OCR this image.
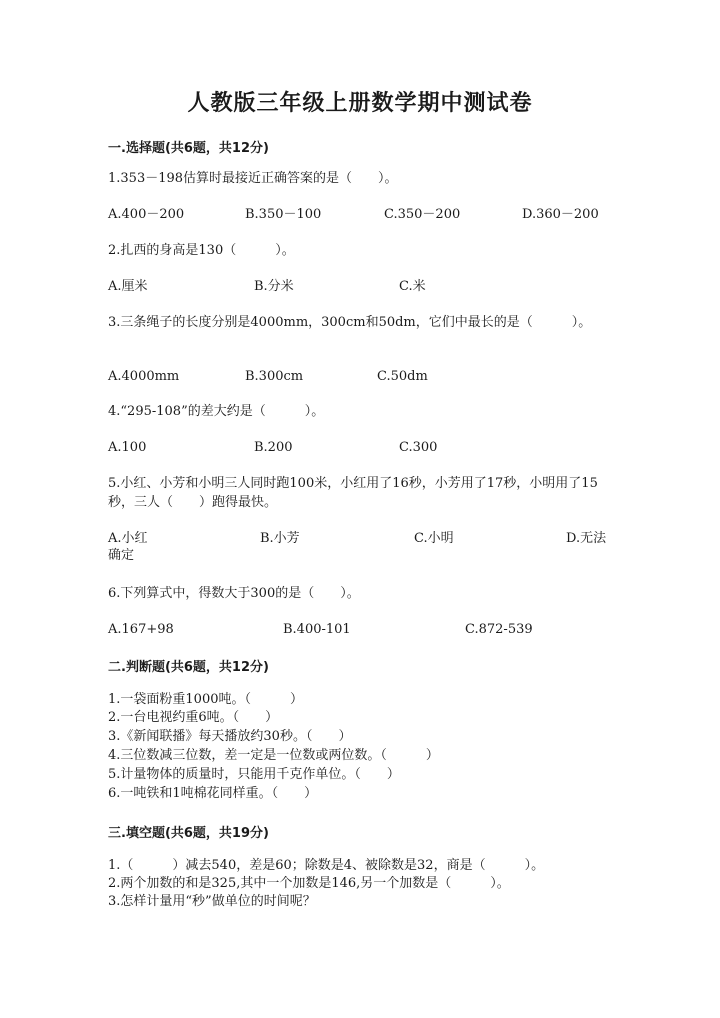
人教版三年级上册数学期中测试卷
一.选择题(共6题，共12分)
1.353－198估算时最接近正确答案的是（　　）。
A.400－200	B.350－100	C.350－200	D.360－200
2.扎西的身高是130（　　　）。
A.厘米	B.分米	C.米
3.三条绳子的长度分别是4000mm，300cm和50dm，它们中最长的是（　　　）。
A.4000mm	B.300cm	C.50dm
4.“295-108”的差大约是（　　　）。
A.100	B.200	C.300
5.小红、小芳和小明三人同时跑100米，小红用了16秒，小芳用了17秒，小明用了15秒，三人（　　）跑得最快。
A.小红	B.小芳	C.小明	D.无法
确定
6.下列算式中，得数大于300的是（　　）。
A.167+98	B.400-101	C.872-539
二.判断题(共6题，共12分)
1.一袋面粉重1000吨。（　　　）
2.一台电视约重6吨。（　　）
3.《新闻联播》每天播放约30秒。（　　）
4.三位数减三位数，差一定是一位数或两位数。（　　　）
5.计量物体的质量时，只能用千克作单位。（　　）
6.一吨铁和1吨棉花同样重。（　　）
三.填空题(共6题，共19分)
1.（　　　）减去540，差是60；除数是4、被除数是32，商是（　　　）。
2.两个加数的和是325,其中一个加数是146,另一个加数是（　　　）。
3.怎样计量用“秒”做单位的时间呢？
